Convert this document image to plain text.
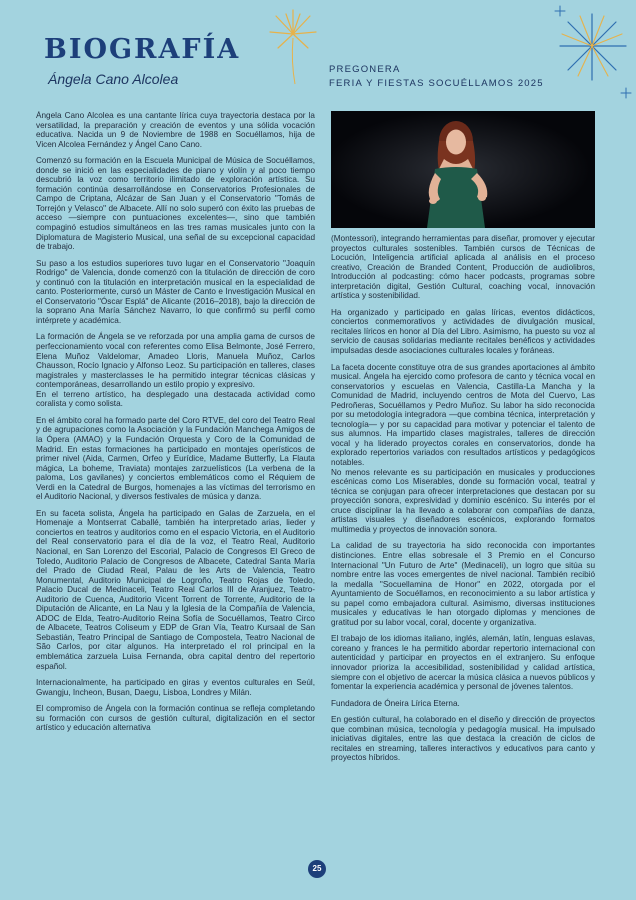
BIOGRAFÍA

Ángela Cano Alcolea

PREGONERA
FERIA Y FIESTAS SOCUÉLLAMOS 2025

Ángela Cano Alcolea es una cantante lírica cuya trayectoria destaca por la versatilidad, la preparación y creación de eventos y una sólida vocación educativa. Nacida un 9 de Noviembre de 1988 en Socuéllamos, hija de Vicen Alcolea Fernández y Ángel Cano Cano.

Comenzó su formación en la Escuela Municipal de Música de Socuéllamos, donde se inició en las especialidades de piano y violín y al poco tiempo descubrió la voz como territorio ilimitado de exploración artística. Su formación continúa desarrollándose en Conservatorios Profesionales de Campo de Criptana, Alcázar de San Juan y el Conservatorio "Tomás de Torrejón y Velasco" de Albacete. Allí no solo superó con éxito las pruebas de acceso —siempre con puntuaciones excelentes—, sino que también compaginó estudios simultáneos en las tres ramas musicales junto con la Diplomatura de Magisterio Musical, una señal de su excepcional capacidad de trabajo.

Su paso a los estudios superiores tuvo lugar en el Conservatorio "Joaquín Rodrigo" de Valencia, donde comenzó con la titulación de dirección de coro y continuó con la titulación en interpretación musical en la especialidad de canto. Posteriormente, cursó un Máster de Canto e Investigación Musical en el Conservatorio "Óscar Esplá" de Alicante (2016–2018), bajo la dirección de la soprano Ana María Sánchez Navarro, lo que confirmó su perfil como intérprete y académica.

La formación de Ángela se ve reforzada por una amplia gama de cursos de perfeccionamiento vocal con referentes como Elisa Belmonte, José Ferrero, Elena Muñoz Valdelomar, Amadeo Lloris, Manuela Muñoz, Carlos Chausson, Rocío Ignacio y Alfonso Leoz. Su participación en talleres, clases magistrales y masterclasses le ha permitido integrar técnicas clásicas y contemporáneas, desarrollando un estilo propio y expresivo.

En el terreno artístico, ha desplegado una destacada actividad como coralista y como solista.

En el ámbito coral ha formado parte del Coro RTVE, del coro del Teatro Real y de agrupaciones como la Asociación y la Fundación Manchega Amigos de la Ópera (AMAO) y la Fundación Orquesta y Coro de la Comunidad de Madrid. En estas formaciones ha participado en montajes operísticos de primer nivel (Aida, Carmen, Orfeo y Eurídice, Madame Butterfly, La Flauta mágica, La boheme, Traviata) montajes zarzuelísticos (La verbena de la paloma, Los gavilanes) y conciertos emblemáticos como el Réquiem de Verdi en la Catedral de Burgos, homenajes a las víctimas del terrorismo en el Auditorio Nacional, y diversos festivales de música y danza.

En su faceta solista, Ángela ha participado en Galas de Zarzuela, en el Homenaje a Montserrat Caballé, también ha interpretado arias, lieder y conciertos en teatros y auditorios como en el espacio Victoria, en el Auditorio del Real conservatorio para el día de la voz, el Teatro Real, Auditorio Nacional, en San Lorenzo del Escorial, Palacio de Congresos El Greco de Toledo, Auditorio Palacio de Congresos de Albacete, Catedral Santa María del Prado de Ciudad Real, Palau de les Arts de Valencia, Teatro Monumental, Auditorio Municipal de Logroño, Teatro Rojas de Toledo, Palacio Ducal de Medinaceli, Teatro Real Carlos III de Aranjuez, Teatro-Auditorio de Cuenca, Auditorio Vicent Torrent de Torrente, Auditorio de la Diputación de Alicante, en La Nau y la Iglesia de la Compañía de Valencia, ADOC de Elda, Teatro-Auditorio Reina Sofía de Socuéllamos, Teatro Circo de Albacete, Teatros Coliseum y EDP de Gran Vía, Teatro Kursaal de San Sebastián, Teatro Principal de Santiago de Compostela, Teatro Nacional de São Carlos, por citar algunos. Ha interpretado el rol principal en la emblemática zarzuela Luisa Fernanda, obra capital dentro del repertorio español.

Internacionalmente, ha participado en giras y eventos culturales en Seúl, Gwangju, Incheon, Busan, Daegu, Lisboa, Londres y Milán.

El compromiso de Ángela con la formación continua se refleja completando su formación con cursos de gestión cultural, digitalización en el sector artístico y educación alternativa

(Montessori), integrando herramientas para diseñar, promover y ejecutar proyectos culturales sostenibles. También cursos de Técnicas de Locución, Inteligencia artificial aplicada al análisis en el proceso creativo, Creación de Branded Content, Producción de audiolibros, Introducción al podcasting: cómo hacer podcasts, programas sobre interpretación digital, Gestión Cultural, coaching vocal, innovación artística y sostenibilidad.

Ha organizado y participado en galas líricas, eventos didácticos, conciertos conmemorativos y actividades de divulgación musical, recitales líricos en honor al Día del Libro. Asimismo, ha puesto su voz al servicio de causas solidarias mediante recitales benéficos y actividades impulsadas desde asociaciones culturales locales y foráneas.

La faceta docente constituye otra de sus grandes aportaciones al ámbito musical. Ángela ha ejercido como profesora de canto y técnica vocal en conservatorios y escuelas en Valencia, Castilla-La Mancha y la Comunidad de Madrid, incluyendo centros de Mota del Cuervo, Las Pedroñeras, Socuéllamos y Pedro Muñoz. Su labor ha sido reconocida por su metodología integradora —que combina técnica, interpretación y tecnología— y por su capacidad para motivar y potenciar el talento de sus alumnos. Ha impartido clases magistrales, talleres de dirección vocal y ha liderado proyectos corales en conservatorios, donde ha explorado repertorios variados con resultados artísticos y pedagógicos notables.

No menos relevante es su participación en musicales y producciones escénicas como Los Miserables, donde su formación vocal, teatral y técnica se conjugan para ofrecer interpretaciones que destacan por su proyección sonora, expresividad y dominio escénico. Su interés por el cruce disciplinar la ha llevado a colaborar con compañías de danza, artistas visuales y diseñadores escénicos, explorando formatos multimedia y proyectos de innovación sonora.

La calidad de su trayectoria ha sido reconocida con importantes distinciones. Entre ellas sobresale el 3 Premio en el Concurso Internacional "Un Futuro de Arte" (Medinaceli), un logro que sitúa su nombre entre las voces emergentes de nivel nacional. También recibió la medalla "Socuellamina de Honor" en 2022, otorgada por el Ayuntamiento de Socuéllamos, en reconocimiento a su labor artística y su papel como embajadora cultural. Asimismo, diversas instituciones musicales y educativas le han otorgado diplomas y menciones de gratitud por su labor vocal, coral, docente y organizativa.

El trabajo de los idiomas italiano, inglés, alemán, latín, lenguas eslavas, coreano y frances le ha permitido abordar repertorio internacional con autenticidad y participar en proyectos en el extranjero. Su enfoque innovador prioriza la accesibilidad, sostenibilidad y calidad artística, siempre con el objetivo de acercar la música clásica a nuevos públicos y fomentar la experiencia académica y personal de jóvenes talentos.

Fundadora de Óneira Lírica Eterna.

En gestión cultural, ha colaborado en el diseño y dirección de proyectos que combinan música, tecnología y pedagogía musical. Ha impulsado iniciativas digitales, entre las que destaca la creación de ciclos de recitales en streaming, talleres interactivos y educativos para canto y proyectos híbridos.

25
